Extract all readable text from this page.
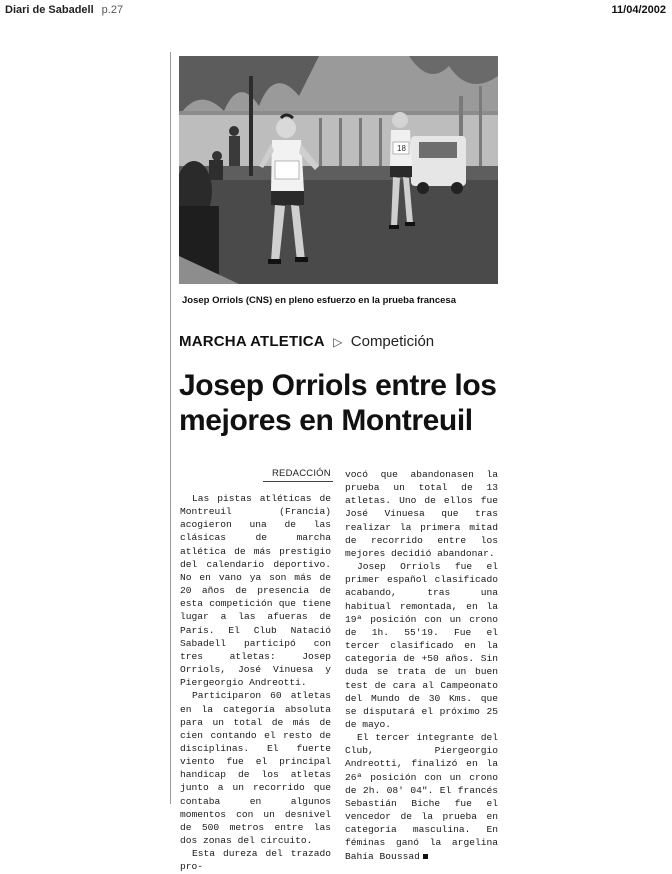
Diari de Sabadell p.27	11/04/2002
18
Josep Orriols (CNS) en pleno esfuerzo en la prueba francesa
MARCHA ATLETICA ▷ Competición
Josep Orriols entre los
mejores en Montreuil
REDACCIÓN

Las pistas atléticas de Montreuil (Francia) acogieron una de las clásicas de marcha atlética de más prestigio del calendario deportivo. No en vano ya son más de 20 años de presencia de esta competición que tiene lugar a las afueras de París. El Club Natació Sabadell participó con tres atletas: Josep Orriols, José Vinuesa y Piergeorgio Andreotti.

Participaron 60 atletas en la categoría absoluta para un total de más de cien contando el resto de disciplinas. El fuerte viento fue el principal handicap de los atletas junto a un recorrido que contaba en algunos momentos con un desnivel de 500 metros entre las dos zonas del circuito.

Esta dureza del trazado pro-

vocó que abandonasen la prueba un total de 13 atletas. Uno de ellos fue José Vinuesa que tras realizar la primera mitad de recorrido entre los mejores decidió abandonar.

Josep Orriols fue el primer español clasificado acabando, tras una habitual remontada, en la 19ª posición con un crono de 1h. 55'19. Fue el tercer clasificado en la categoría de +50 años. Sin duda se trata de un buen test de cara al Campeonato del Mundo de 30 Kms. que se disputará el próximo 25 de mayo.

El tercer integrante del Club, Piergeorgio Andreotti, finalizó en la 26ª posición con un crono de 2h. 08' 04". El francés Sebastián Biche fue el vencedor de la prueba en categoría masculina. En féminas ganó la argelina Bahía Boussad
